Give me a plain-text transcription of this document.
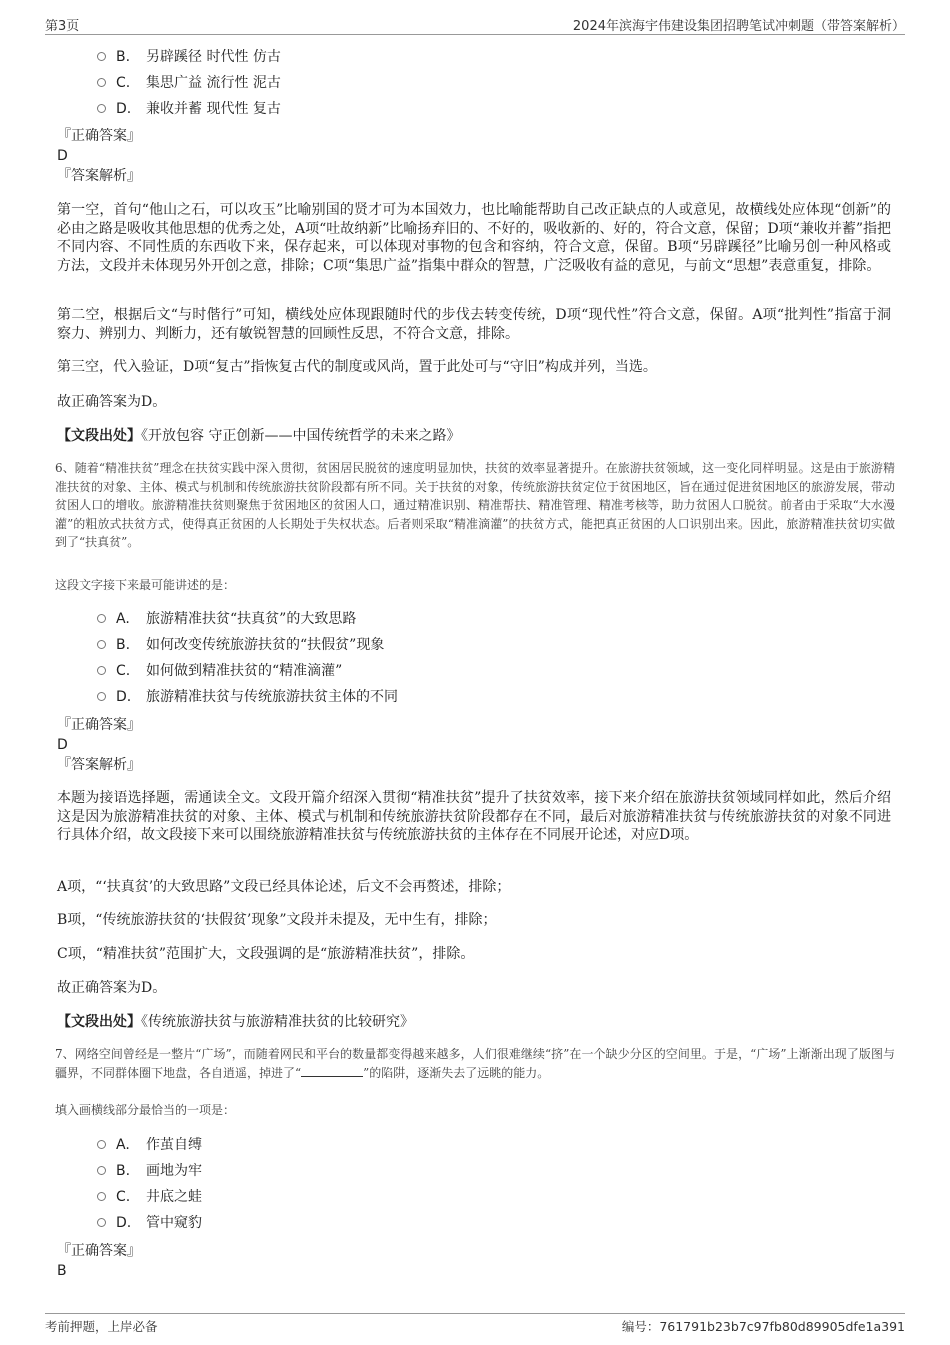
第3页	2024年滨海宇伟建设集团招聘笔试冲刺题（带答案解析）
B. 另辟蹊径 时代性 仿古
C. 集思广益 流行性 泥古
D. 兼收并蓄 现代性 复古
『正确答案』
D
『答案解析』
第一空，首句“他山之石，可以攻玉”比喻别国的贤才可为本国效力，也比喻能帮助自己改正缺点的人或意见，故横线处应体现“创新”的必由之路是吸收其他思想的优秀之处，A项“吐故纳新”比喻扬弃旧的、不好的，吸收新的、好的，符合文意，保留；D项“兼收并蓄”指把不同内容、不同性质的东西收下来，保存起来，可以体现对事物的包含和容纳，符合文意，保留。B项“另辟蹊径”比喻另创一种风格或方法，文段并未体现另外开创之意，排除；C项“集思广益”指集中群众的智慧，广泛吸收有益的意见，与前文“思想”表意重复，排除。
第二空，根据后文“与时偕行”可知，横线处应体现跟随时代的步伐去转变传统，D项“现代性”符合文意，保留。A项“批判性”指富于洞察力、辨别力、判断力，还有敏锐智慧的回顾性反思，不符合文意，排除。
第三空，代入验证，D项“复古”指恢复古代的制度或风尚，置于此处可与“守旧”构成并列，当选。
故正确答案为D。
【文段出处】《开放包容 守正创新——中国传统哲学的未来之路》
6、随着“精准扶贫”理念在扶贫实践中深入贯彻，贫困居民脱贫的速度明显加快，扶贫的效率显著提升。在旅游扶贫领域，这一变化同样明显。这是由于旅游精准扶贫的对象、主体、模式与机制和传统旅游扶贫阶段都有所不同。关于扶贫的对象，传统旅游扶贫定位于贫困地区，旨在通过促进贫困地区的旅游发展，带动贫困人口的增收。旅游精准扶贫则聚焦于贫困地区的贫困人口，通过精准识别、精准帮扶、精准管理、精准考核等，助力贫困人口脱贫。前者由于采取“大水漫灌”的粗放式扶贫方式，使得真正贫困的人长期处于失权状态。后者则采取“精准滴灌”的扶贫方式，能把真正贫困的人口识别出来。因此，旅游精准扶贫切实做到了“扶真贫”。
这段文字接下来最可能讲述的是：
A. 旅游精准扶贫“扶真贫”的大致思路
B. 如何改变传统旅游扶贫的“扶假贫”现象
C. 如何做到精准扶贫的“精准滴灌”
D. 旅游精准扶贫与传统旅游扶贫主体的不同
『正确答案』
D
『答案解析』
本题为接语选择题，需通读全文。文段开篇介绍深入贯彻“精准扶贫”提升了扶贫效率，接下来介绍在旅游扶贫领域同样如此，然后介绍这是因为旅游精准扶贫的对象、主体、模式与机制和传统旅游扶贫阶段都存在不同，最后对旅游精准扶贫与传统旅游扶贫的对象不同进行具体介绍，故文段接下来可以围绕旅游精准扶贫与传统旅游扶贫的主体存在不同展开论述，对应D项。
A项，“‘扶真贫’的大致思路”文段已经具体论述，后文不会再赘述，排除；
B项，“传统旅游扶贫的‘扶假贫’现象”文段并未提及，无中生有，排除；
C项，“精准扶贫”范围扩大，文段强调的是“旅游精准扶贫”，排除。
故正确答案为D。
【文段出处】《传统旅游扶贫与旅游精准扶贫的比较研究》
7、网络空间曾经是一整片“广场”，而随着网民和平台的数量都变得越来越多，人们很难继续“挤”在一个缺少分区的空间里。于是，“广场”上渐渐出现了版图与疆界，不同群体圈下地盘，各自逍遥，掉进了“	”的陷阱，逐渐失去了远眺的能力。
填入画横线部分最恰当的一项是：
A. 作茧自缚
B. 画地为牢
C. 井底之蛙
D. 管中窥豹
『正确答案』
B
考前押题，上岸必备	编号：761791b23b7c97fb80d89905dfe1a391
